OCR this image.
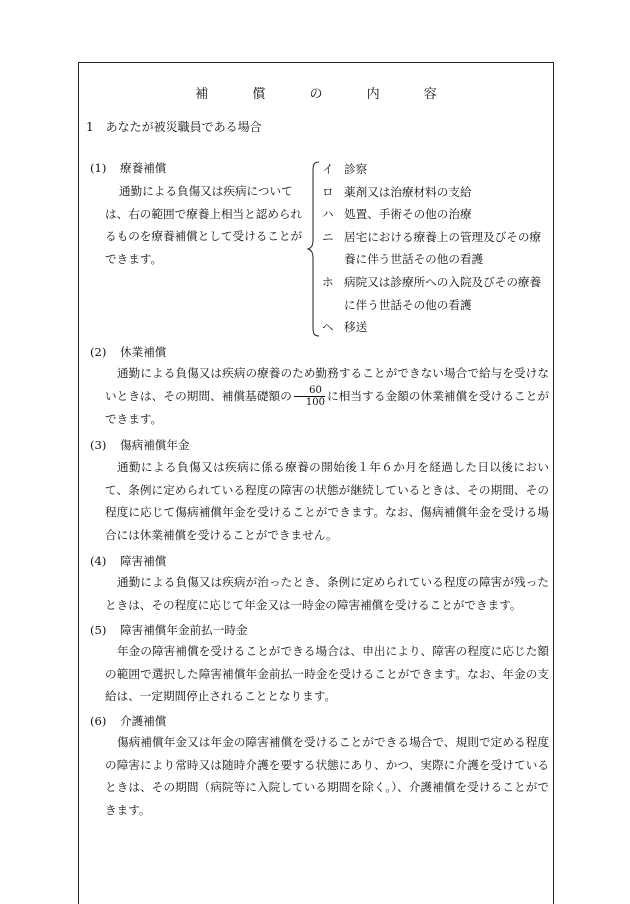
補 償 の 内 容
1　あなたが被災職員である場合
(1) 療養補償
通勤による負傷又は疾病について
は、右の範囲で療養上相当と認められ
るものを療養補償として受けることが
できます。
イ 診察
ロ 薬剤又は治療材料の支給
ハ 処置、手術その他の治療
ニ 居宅における療養上の管理及びその療
養に伴う世話その他の看護
ホ 病院又は診療所への入院及びその療養
に伴う世話その他の看護
ヘ 移送
(2) 休業補償

通勤による負傷又は疾病の療養のため勤務することができない場合で給与を受けないときは、その期間、補償基礎額の $\frac{60}{100}$ に相当する金額の休業補償を受けることができます。

(3) 傷病補償年金

通勤による負傷又は疾病に係る療養の開始後１年６か月を経過した日以後において、条例に定められている程度の障害の状態が継続しているときは、その期間、その程度に応じて傷病補償年金を受けることができます。なお、傷病補償年金を受ける場合には休業補償を受けることができません。

(4) 障害補償

通勤による負傷又は疾病が治ったとき、条例に定められている程度の障害が残ったときは、その程度に応じて年金又は一時金の障害補償を受けることができます。

(5) 障害補償年金前払一時金

年金の障害補償を受けることができる場合は、申出により、障害の程度に応じた額の範囲で選択した障害補償年金前払一時金を受けることができます。なお、年金の支給は、一定期間停止されることとなります。

(6) 介護補償

傷病補償年金又は年金の障害補償を受けることができる場合で、規則で定める程度の障害により常時又は随時介護を要する状態にあり、かつ、実際に介護を受けているときは、その期間（病院等に入院している期間を除く。）、介護補償を受けることができます。
